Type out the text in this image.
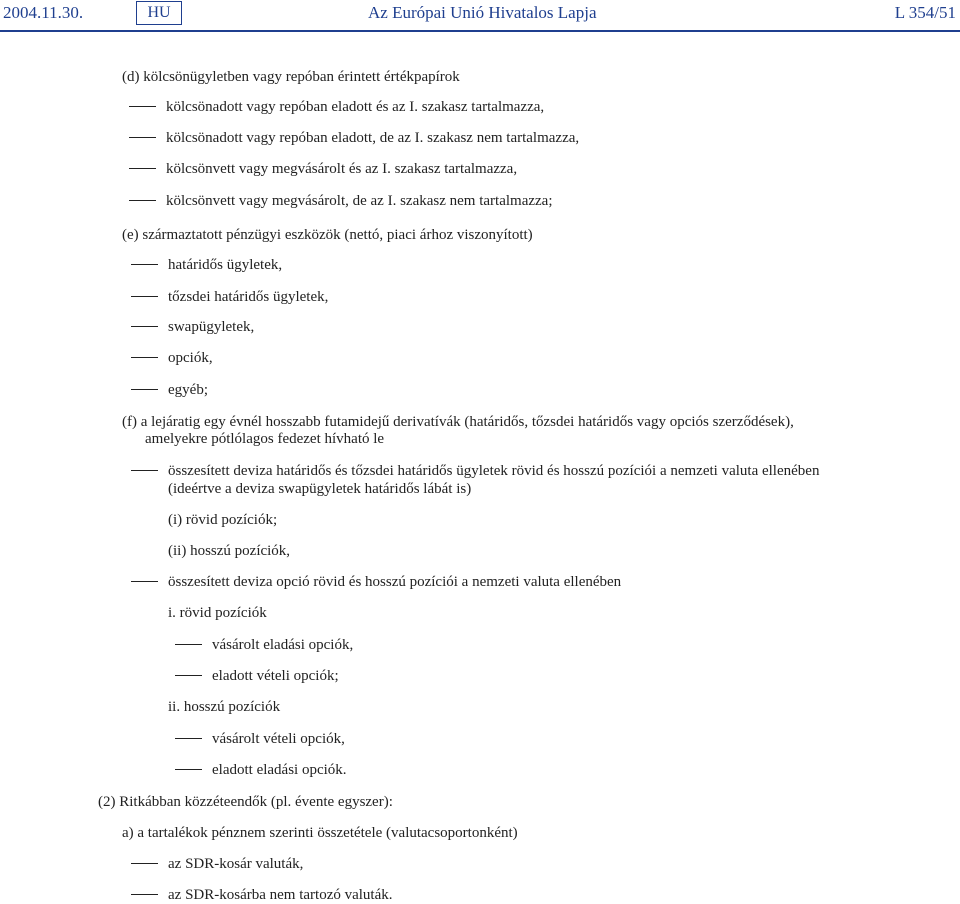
2004.11.30.	HU	Az Európai Unió Hivatalos Lapja	L 354/51
(d) kölcsönügyletben vagy repóban érintett értékpapírok
kölcsönadott vagy repóban eladott és az I. szakasz tartalmazza,
kölcsönadott vagy repóban eladott, de az I. szakasz nem tartalmazza,
kölcsönvett vagy megvásárolt és az I. szakasz tartalmazza,
kölcsönvett vagy megvásárolt, de az I. szakasz nem tartalmazza;
(e) származtatott pénzügyi eszközök (nettó, piaci árhoz viszonyított)
határidős ügyletek,
tőzsdei határidős ügyletek,
swapügyletek,
opciók,
egyéb;
(f) a lejáratig egy évnél hosszabb futamidejű derivatívák (határidős, tőzsdei határidős vagy opciós szerződések),
amelyekre pótlólagos fedezet hívható le
összesített deviza határidős és tőzsdei határidős ügyletek rövid és hosszú pozíciói a nemzeti valuta ellenében
(ideértve a deviza swapügyletek határidős lábát is)
(i) rövid pozíciók;
(ii) hosszú pozíciók,
összesített deviza opció rövid és hosszú pozíciói a nemzeti valuta ellenében
i. rövid pozíciók
vásárolt eladási opciók,
eladott vételi opciók;
ii. hosszú pozíciók
vásárolt vételi opciók,
eladott eladási opciók.
(2) Ritkábban közzéteendők (pl. évente egyszer):
a) a tartalékok pénznem szerinti összetétele (valutacsoportonként)
az SDR-kosár valuták,
az SDR-kosárba nem tartozó valuták.
